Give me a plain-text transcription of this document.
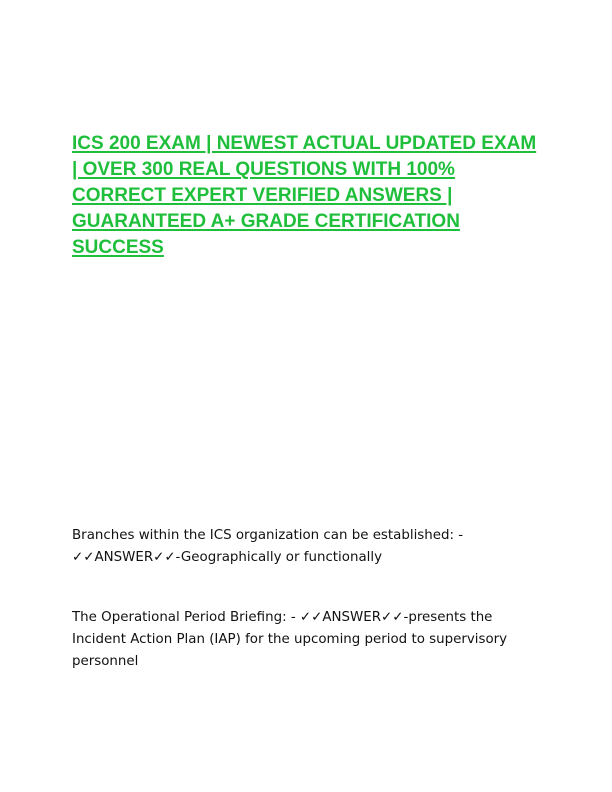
ICS 200 EXAM | NEWEST ACTUAL UPDATED EXAM | OVER 300 REAL QUESTIONS WITH 100% CORRECT EXPERT VERIFIED ANSWERS | GUARANTEED A+ GRADE CERTIFICATION SUCCESS

Branches within the ICS organization can be established: - ✓✓ANSWER✓✓-Geographically or functionally

The Operational Period Briefing: - ✓✓ANSWER✓✓-presents the Incident Action Plan (IAP) for the upcoming period to supervisory personnel
